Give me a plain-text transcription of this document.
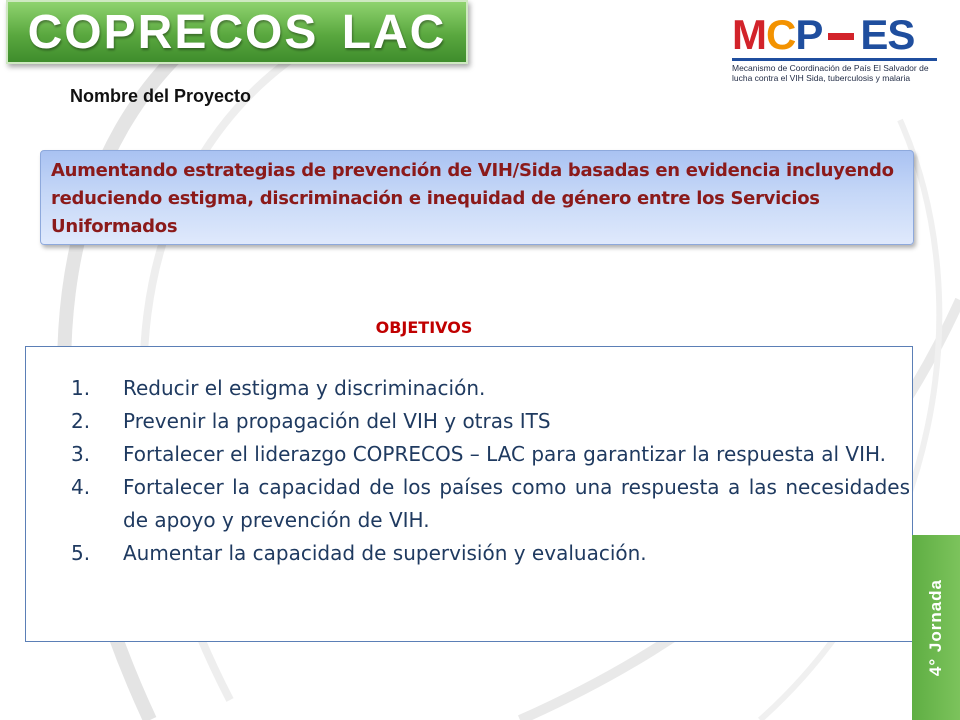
COPRECOS LAC	M C P ES
Mecanismo de Coordinación de País El Salvador de lucha contra el VIH Sida, tuberculosis y malaria
Nombre del Proyecto
Aumentando estrategias de prevención de VIH/Sida basadas en evidencia incluyendo reduciendo estigma, discriminación e inequidad de género entre los Servicios Uniformados
OBJETIVOS
1.	Reducir el estigma y discriminación.
2.	Prevenir la propagación del VIH y otras ITS
3.	Fortalecer el liderazgo COPRECOS – LAC para garantizar la respuesta al VIH.
4.	Fortalecer la capacidad de los países como una respuesta a las necesidades de apoyo y prevención de VIH.
5.	Aumentar la capacidad de supervisión y evaluación.
4° Jornada
